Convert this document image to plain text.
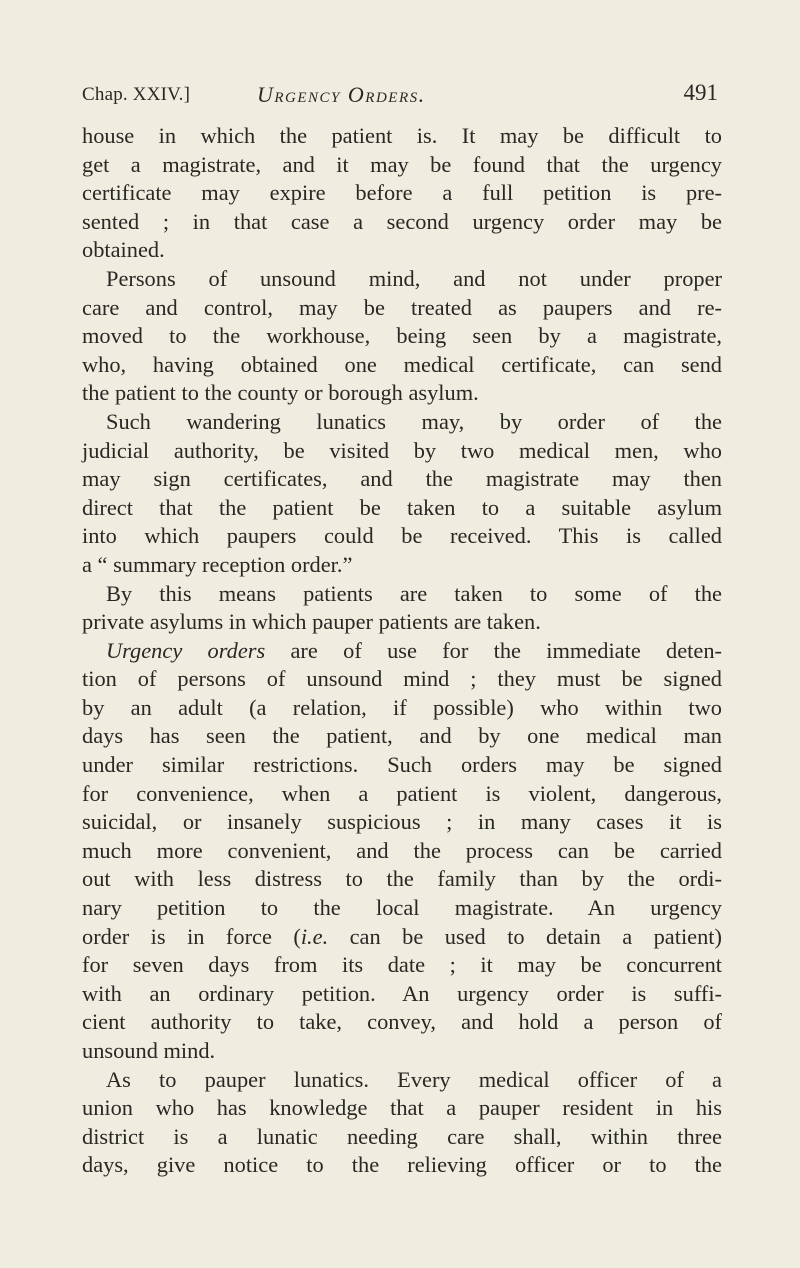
Chap. XXIV.]	Urgency Orders.	491
house in which the patient is. It may be difficult to
get a magistrate, and it may be found that the urgency
certificate may expire before a full petition is pre-
sented ; in that case a second urgency order may be
obtained.
Persons of unsound mind, and not under proper
care and control, may be treated as paupers and re-
moved to the workhouse, being seen by a magistrate,
who, having obtained one medical certificate, can send
the patient to the county or borough asylum.
Such wandering lunatics may, by order of the
judicial authority, be visited by two medical men, who
may sign certificates, and the magistrate may then
direct that the patient be taken to a suitable asylum
into which paupers could be received. This is called
a “ summary reception order.”
By this means patients are taken to some of the
private asylums in which pauper patients are taken.
Urgency orders are of use for the immediate deten-
tion of persons of unsound mind ; they must be signed
by an adult (a relation, if possible) who within two
days has seen the patient, and by one medical man
under similar restrictions. Such orders may be signed
for convenience, when a patient is violent, dangerous,
suicidal, or insanely suspicious ; in many cases it is
much more convenient, and the process can be carried
out with less distress to the family than by the ordi-
nary petition to the local magistrate. An urgency
order is in force (i.e. can be used to detain a patient)
for seven days from its date ; it may be concurrent
with an ordinary petition. An urgency order is suffi-
cient authority to take, convey, and hold a person of
unsound mind.
As to pauper lunatics. Every medical officer of a
union who has knowledge that a pauper resident in his
district is a lunatic needing care shall, within three
days, give notice to the relieving officer or to the
